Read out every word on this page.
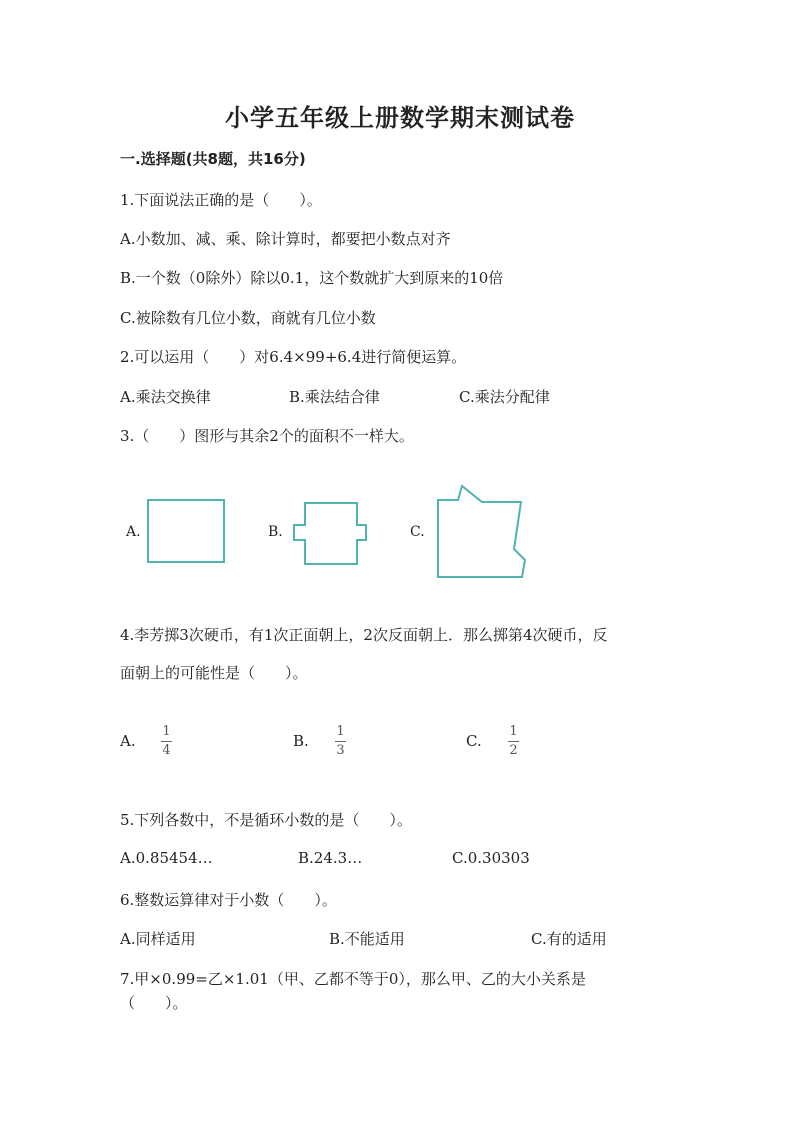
小学五年级上册数学期末测试卷
一.选择题(共8题，共16分)
1.下面说法正确的是（　　）。
A.小数加、减、乘、除计算时，都要把小数点对齐
B.一个数（0除外）除以0.1，这个数就扩大到原来的10倍
C.被除数有几位小数，商就有几位小数
2.可以运用（　　）对6.4×99+6.4进行简便运算。
A.乘法交换律	B.乘法结合律	C.乘法分配律
3.（　　）图形与其余2个的面积不一样大。
A.	B.	C.
4.李芳掷3次硬币，有1次正面朝上，2次反面朝上．那么掷第4次硬币，反
面朝上的可能性是（　　）。
A.
1
4
B.
1
3
C.
1
2
5.下列各数中，不是循环小数的是（　　）。
A.0.85454…	B.24.3…	C.0.30303
6.整数运算律对于小数（　　）。
A.同样适用	B.不能适用	C.有的适用
7.甲×0.99=乙×1.01（甲、乙都不等于0），那么甲、乙的大小关系是
（　　）。
